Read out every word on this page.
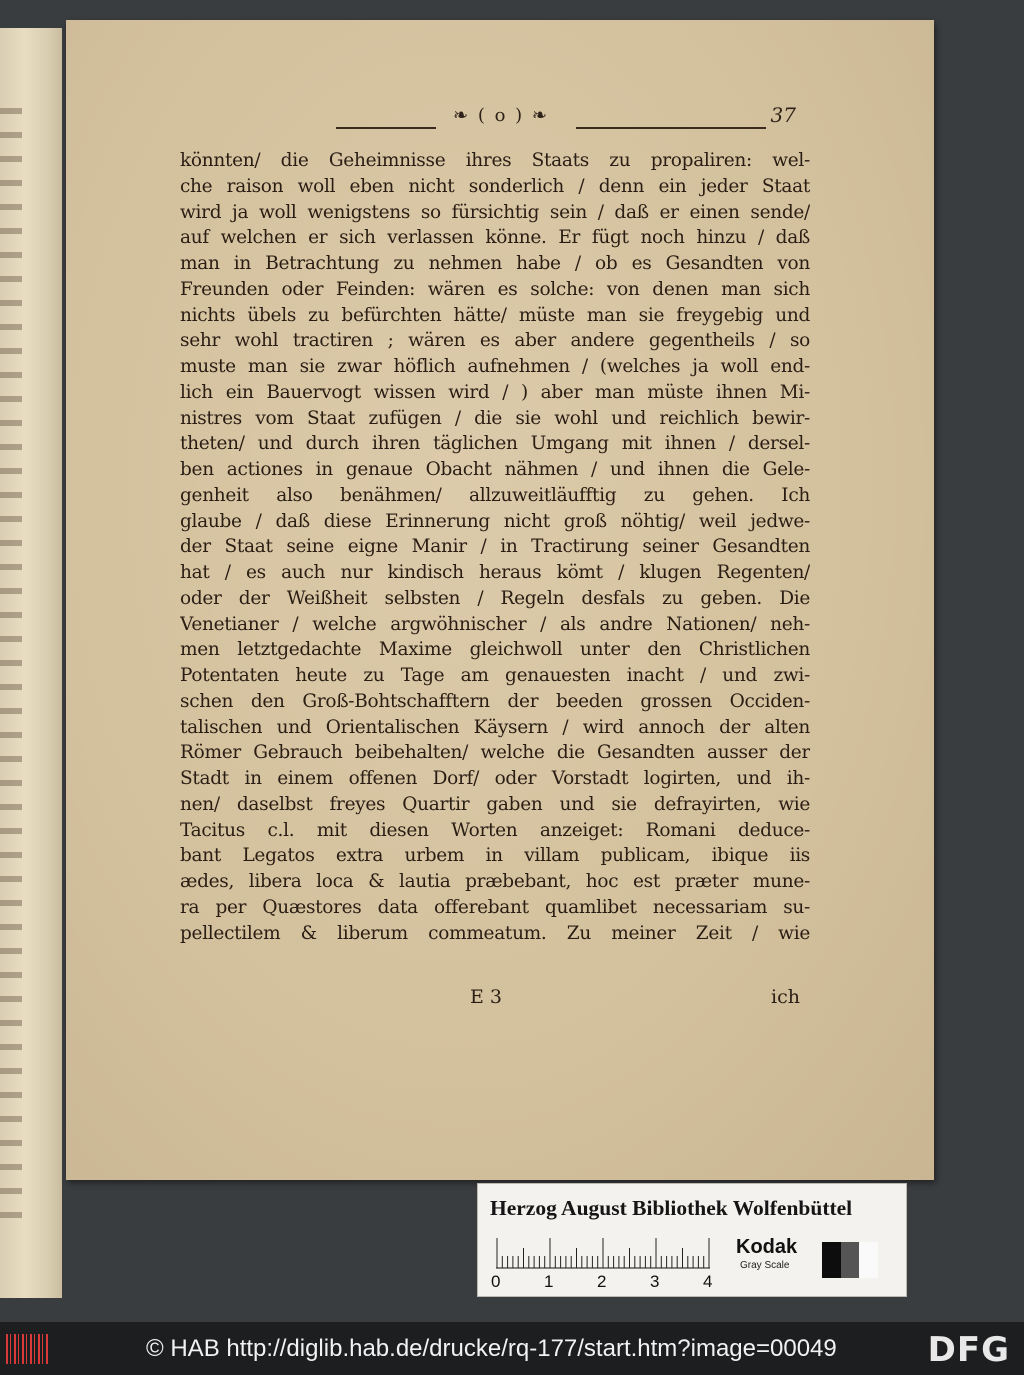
❧ ( o ) ❧	37
könnten/ die Geheimnisse ihres Staats zu propaliren: wel-
che raison woll eben nicht sonderlich / denn ein jeder Staat
wird ja woll wenigstens so fürsichtig sein / daß er einen sende/
auf welchen er sich verlassen könne. Er fügt noch hinzu / daß
man in Betrachtung zu nehmen habe / ob es Gesandten von
Freunden oder Feinden: wären es solche: von denen man sich
nichts übels zu befürchten hätte/ müste man sie freygebig und
sehr wohl tractiren ; wären es aber andere gegentheils / so
muste man sie zwar höflich aufnehmen / (welches ja woll end-
lich ein Bauervogt wissen wird / ) aber man müste ihnen Mi-
nistres vom Staat zufügen / die sie wohl und reichlich bewir-
theten/ und durch ihren täglichen Umgang mit ihnen / dersel-
ben actiones in genaue Obacht nähmen / und ihnen die Gele-
genheit also benähmen/ allzuweitläufftig zu gehen. Ich
glaube / daß diese Erinnerung nicht groß nöhtig/ weil jedwe-
der Staat seine eigne Manir / in Tractirung seiner Gesandten
hat / es auch nur kindisch heraus kömt / klugen Regenten/
oder der Weißheit selbsten / Regeln desfals zu geben. Die
Venetianer / welche argwöhnischer / als andre Nationen/ neh-
men letztgedachte Maxime gleichwoll unter den Christlichen
Potentaten heute zu Tage am genauesten inacht / und zwi-
schen den Groß-Bohtschafftern der beeden grossen Occiden-
talischen und Orientalischen Käysern / wird annoch der alten
Römer Gebrauch beibehalten/ welche die Gesandten ausser der
Stadt in einem offenen Dorf/ oder Vorstadt logirten, und ih-
nen/ daselbst freyes Quartir gaben und sie defrayirten, wie
Tacitus c.l. mit diesen Worten anzeiget: Romani deduce-
bant Legatos extra urbem in villam publicam, ibique iis
ædes, libera loca & lautia præbebant, hoc est præter mune-
ra per Quæstores data offerebant quamlibet necessariam su-
pellectilem & liberum commeatum. Zu meiner Zeit / wie
E 3	ich
Herzog August Bibliothek Wolfenbüttel
0	1	2	3	4
Kodak
Gray Scale
© HAB http://diglib.hab.de/drucke/rq-177/start.htm?image=00049	DFG
